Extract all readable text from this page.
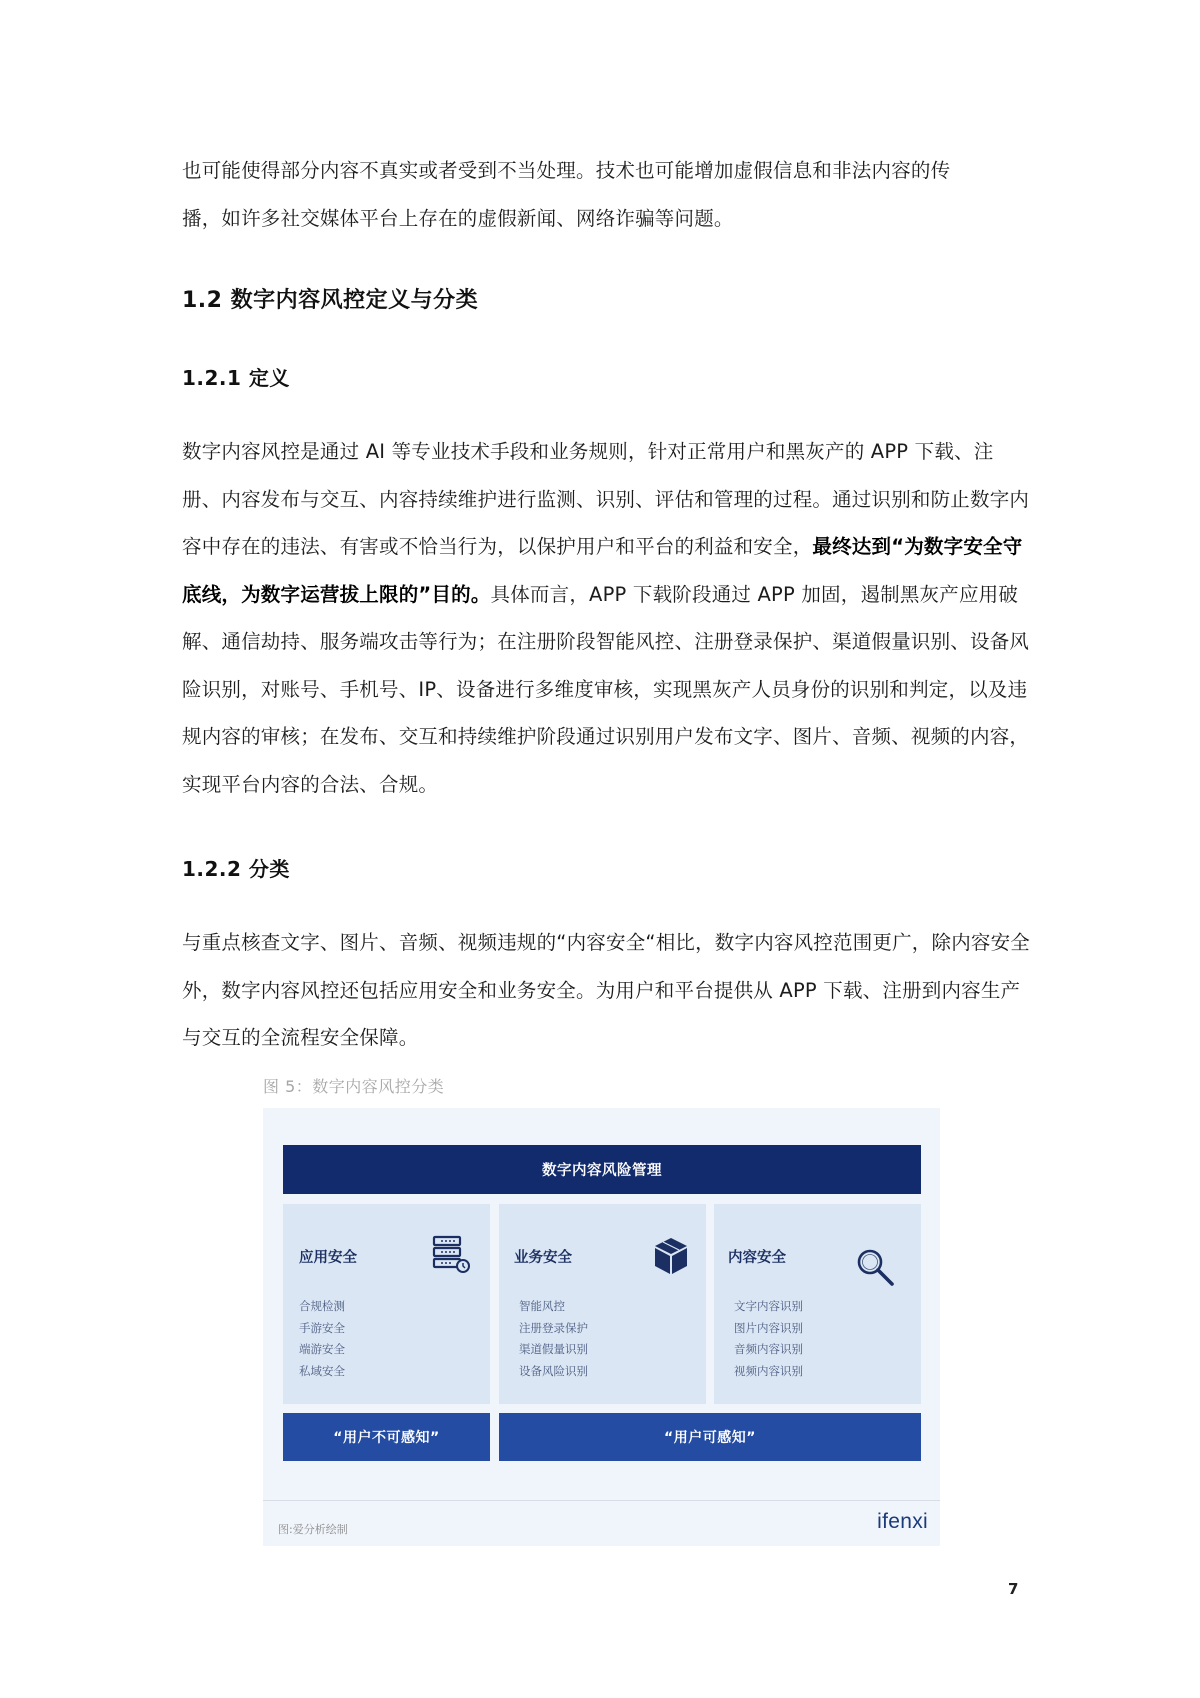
也可能使得部分内容不真实或者受到不当处理。技术也可能增加虚假信息和非法内容的传
播，如许多社交媒体平台上存在的虚假新闻、网络诈骗等问题。

1.2 数字内容风控定义与分类
1.2.1 定义

数字内容风控是通过 AI 等专业技术手段和业务规则，针对正常用户和黑灰产的 APP 下载、注册、内容发布与交互、内容持续维护进行监测、识别、评估和管理的过程。通过识别和防止数字内容中存在的违法、有害或不恰当行为，以保护用户和平台的利益和安全，最终达到“为数字安全守底线，为数字运营拔上限的”目的。具体而言，APP 下载阶段通过 APP 加固，遏制黑灰产应用破解、通信劫持、服务端攻击等行为；在注册阶段智能风控、注册登录保护、渠道假量识别、设备风险识别，对账号、手机号、IP、设备进行多维度审核，实现黑灰产人员身份的识别和判定，以及违规内容的审核；在发布、交互和持续维护阶段通过识别用户发布文字、图片、音频、视频的内容，实现平台内容的合法、合规。

1.2.2 分类

与重点核查文字、图片、音频、视频违规的“内容安全“相比，数字内容风控范围更广，除内容安全外，数字内容风控还包括应用安全和业务安全。为用户和平台提供从 APP 下载、注册到内容生产与交互的全流程安全保障。

图 5：数字内容风控分类
数字内容风险管理
应用安全
合规检测
手游安全
端游安全
私域安全
业务安全
智能风控
注册登录保护
渠道假量识别
设备风险识别
内容安全
文字内容识别
图片内容识别
音频内容识别
视频内容识别
“用户不可感知”	“用户可感知”
图:爱分析绘制	ifenxi
7
